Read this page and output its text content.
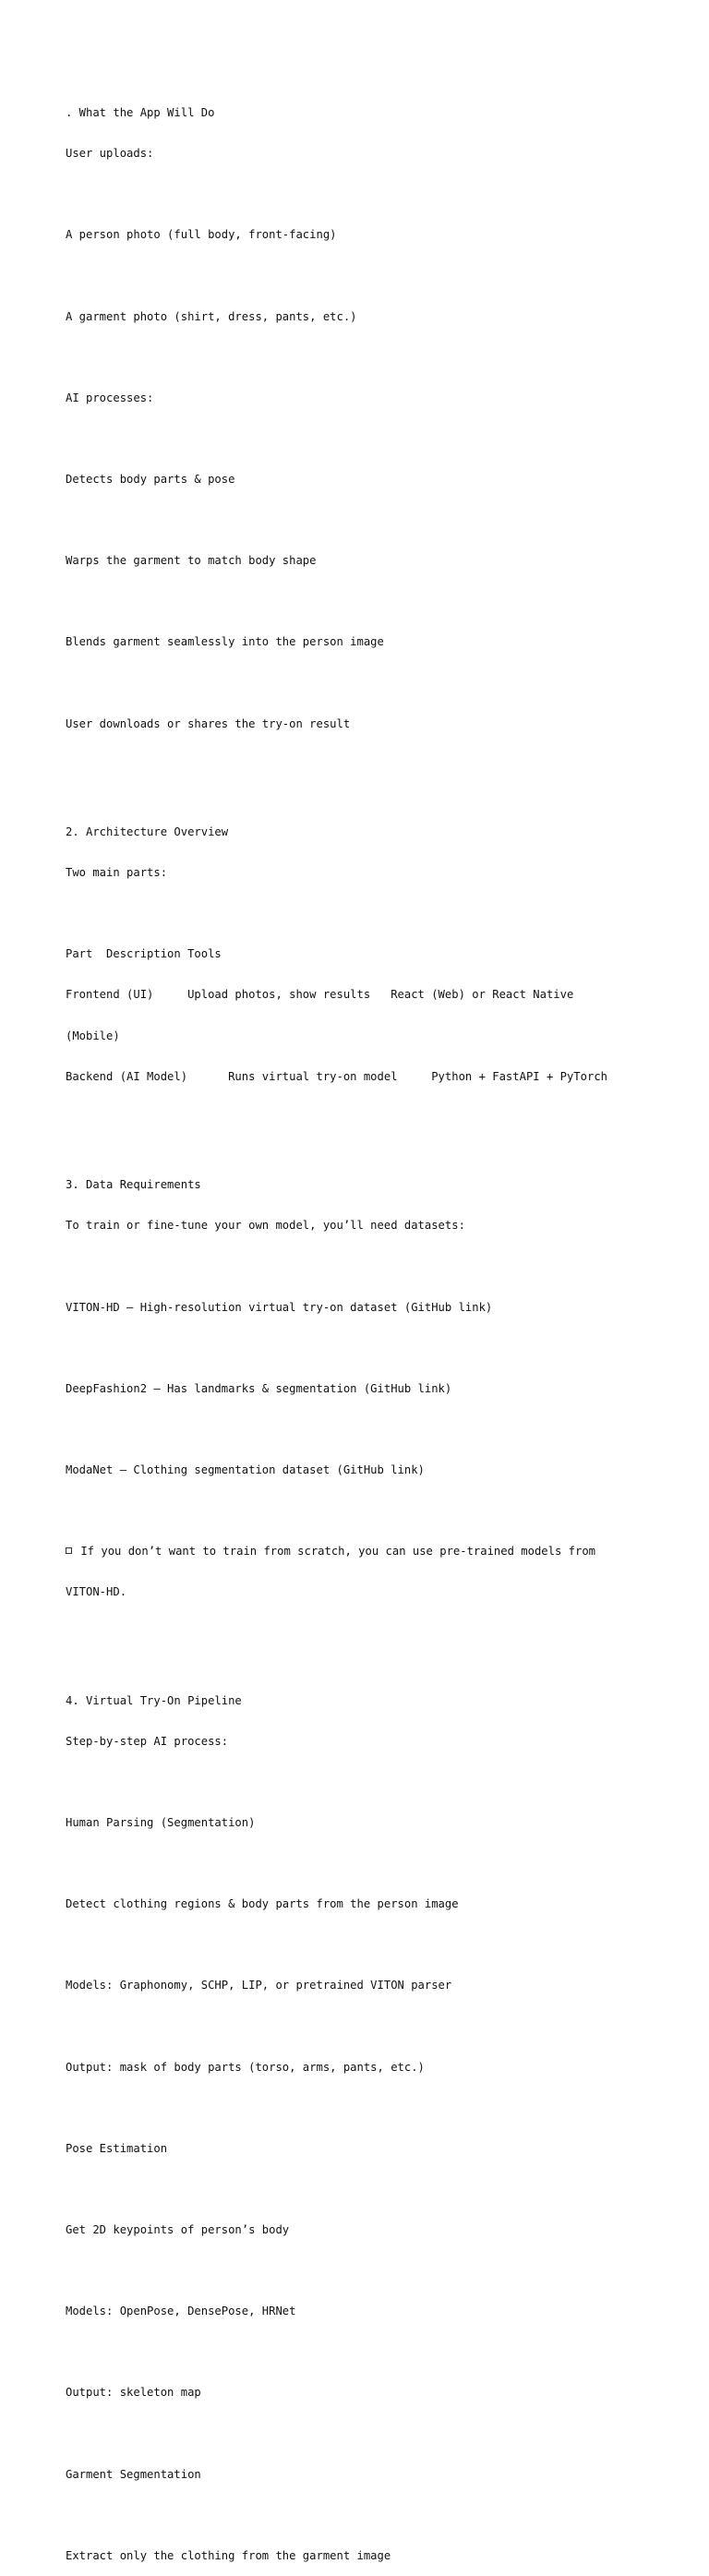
. What the App Will Do

User uploads:

A person photo (full body, front-facing)

A garment photo (shirt, dress, pants, etc.)

AI processes:

Detects body parts & pose

Warps the garment to match body shape

Blends garment seamlessly into the person image

User downloads or shares the try-on result

2. Architecture Overview

Two main parts:

Part  Description Tools

Frontend (UI)     Upload photos, show results   React (Web) or React Native

(Mobile)

Backend (AI Model)      Runs virtual try-on model     Python + FastAPI + PyTorch

3. Data Requirements

To train or fine-tune your own model, you’ll need datasets:

VITON-HD — High-resolution virtual try-on dataset (GitHub link)

DeepFashion2 — Has landmarks & segmentation (GitHub link)

ModaNet — Clothing segmentation dataset (GitHub link)

If you don’t want to train from scratch, you can use pre-trained models from

VITON-HD.

4. Virtual Try-On Pipeline

Step-by-step AI process:

Human Parsing (Segmentation)

Detect clothing regions & body parts from the person image

Models: Graphonomy, SCHP, LIP, or pretrained VITON parser

Output: mask of body parts (torso, arms, pants, etc.)

Pose Estimation

Get 2D keypoints of person’s body

Models: OpenPose, DensePose, HRNet

Output: skeleton map

Garment Segmentation

Extract only the clothing from the garment image
